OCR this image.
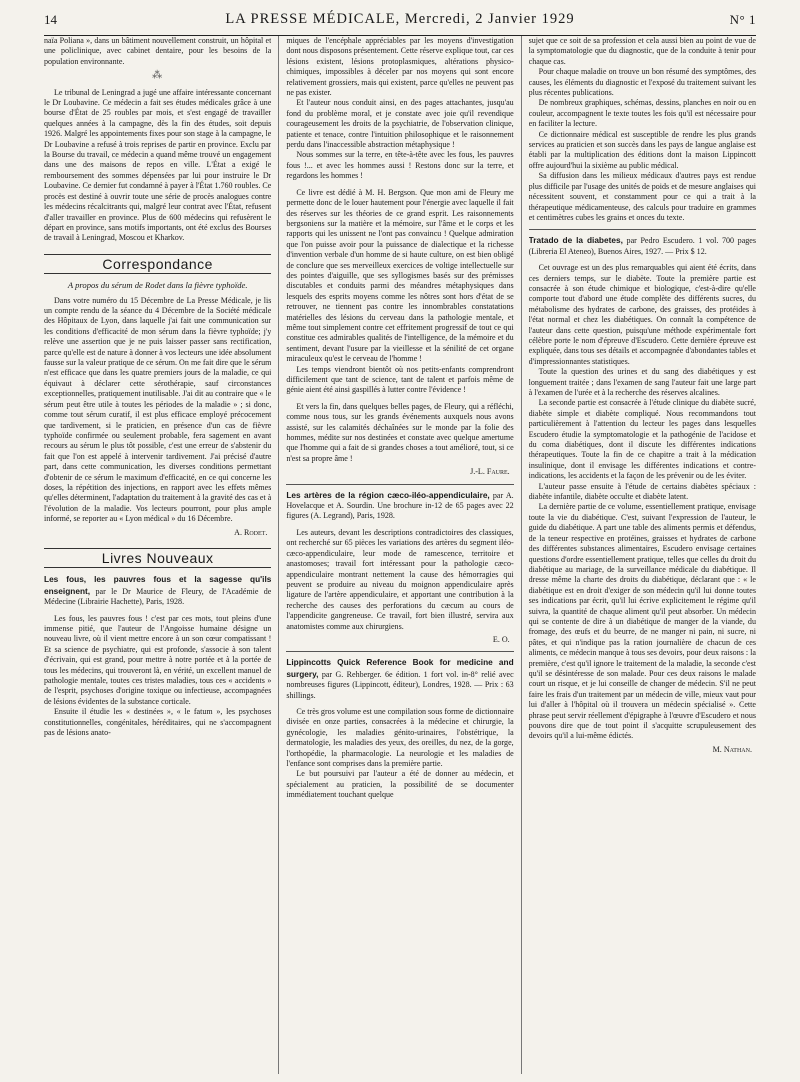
14	LA PRESSE MÉDICALE, Mercredi, 2 Janvier 1929	N° 1

naïa Poliana », dans un bâtiment nouvellement construit, un hôpital et une policlinique, avec cabinet dentaire, pour les besoins de la population environnante.

⁂

Le tribunal de Leningrad a jugé une affaire intéressante concernant le Dr Loubavine. Ce médecin a fait ses études médicales grâce à une bourse d'État de 25 roubles par mois, et s'est engagé de travailler quelques années à la campagne, dès la fin des études, soit depuis 1926. Malgré les appointements fixes pour son stage à la campagne, le Dr Loubavine a refusé à trois reprises de partir en province. Exclu par la Bourse du travail, ce médecin a quand même trouvé un engagement dans une des maisons de repos en ville. L'État a exigé le remboursement des sommes dépensées par lui pour instruire le Dr Loubavine. Ce dernier fut condamné à payer à l'État 1.760 roubles. Ce procès est destiné à ouvrir toute une série de procès analogues contre les médecins récalcitrants qui, malgré leur contrat avec l'État, refusent d'aller travailler en province. Plus de 600 médecins qui refusèrent le départ en province, sans motifs importants, ont été exclus des Bourses de travail à Leningrad, Moscou et Kharkov.

Correspondance
A propos du sérum de Rodet dans la fièvre typhoïde.

Dans votre numéro du 15 Décembre de La Presse Médicale, je lis un compte rendu de la séance du 4 Décembre de la Société médicale des Hôpitaux de Lyon, dans laquelle j'ai fait une communication sur les conditions d'efficacité de mon sérum dans la fièvre typhoïde; j'y relève une assertion que je ne puis laisser passer sans rectification, parce qu'elle est de nature à donner à vos lecteurs une idée absolument fausse sur la valeur pratique de ce sérum. On me fait dire que le sérum n'est efficace que dans les quatre premiers jours de la maladie, ce qui équivaut à déclarer cette sérothérapie, sauf circonstances exceptionnelles, pratiquement inutilisable. J'ai dit au contraire que « le sérum peut être utile à toutes les périodes de la maladie » ; si donc, comme tout sérum curatif, il est plus efficace employé précocement que tardivement, si le praticien, en présence d'un cas de fièvre typhoïde confirmée ou seulement probable, fera sagement en avant recours au sérum le plus tôt possible, c'est une erreur de s'abstenir du fait que l'on est appelé à intervenir tardivement. J'ai précisé d'autre part, dans cette communication, les diverses conditions permettant d'obtenir de ce sérum le maximum d'efficacité, en ce qui concerne les doses, la répétition des injections, en rapport avec les effets mêmes qu'elles déterminent, l'adaptation du traitement à la gravité des cas et à l'évolution de la maladie. Vos lecteurs pourront, pour plus ample informé, se reporter au « Lyon médical » du 16 Décembre.

A. Rodet.
Livres Nouveaux

Les fous, les pauvres fous et la sagesse qu'ils enseignent, par le Dr Maurice de Fleury, de l'Académie de Médecine (Librairie Hachette), Paris, 1928.

Les fous, les pauvres fous ! c'est par ces mots, tout pleins d'une immense pitié, que l'auteur de l'Angoisse humaine désigne un nouveau livre, où il vient mettre encore à un son cœur compatissant ! Et sa science de psychiatre, qui est profonde, s'associe à son talent d'écrivain, qui est grand, pour mettre à notre portée et à la portée de tous les médecins, qui trouveront là, en vérité, un excellent manuel de pathologie mentale, toutes ces tristes maladies, tous ces « accidents » de l'esprit, psychoses d'origine toxique ou infectieuse, accompagnées de lésions évidentes de la substance corticale.

Ensuite il étudie les « destinées », « le fatum », les psychoses constitutionnelles, congénitales, héréditaires, qui ne s'accompagnent pas de lésions anato-

miques de l'encéphale appréciables par les moyens d'investigation dont nous disposons présentement. Cette réserve explique tout, car ces lésions existent, lésions protoplasmiques, altérations physico-chimiques, impossibles à déceler par nos moyens qui sont encore relativement grossiers, mais qui existent, parce qu'elles ne peuvent pas ne pas exister.

Et l'auteur nous conduit ainsi, en des pages attachantes, jusqu'au fond du problème moral, et je constate avec joie qu'il revendique courageusement les droits de la psychiatrie, de l'observation clinique, patiente et tenace, contre l'intuition philosophique et le raisonnement perdu dans l'inaccessible abstraction métaphysique !

Nous sommes sur la terre, en tête-à-tête avec les fous, les pauvres fous !... et avec les hommes aussi ! Restons donc sur la terre, et regardons les hommes !

Ce livre est dédié à M. H. Bergson. Que mon ami de Fleury me permette donc de le louer hautement pour l'énergie avec laquelle il fait des réserves sur les théories de ce grand esprit. Les raisonnements bergsoniens sur la matière et la mémoire, sur l'âme et le corps et les rapports qui les unissent ne l'ont pas convaincu ! Quelque admiration que l'on puisse avoir pour la puissance de dialectique et la richesse d'invention verbale d'un homme de si haute culture, on est bien obligé de conclure que ses merveilleux exercices de voltige intellectuelle sur des pointes d'aiguille, que ses syllogismes basés sur des prémisses discutables et conduits parmi des méandres métaphysiques dans lesquels des esprits moyens comme les nôtres sont hors d'état de se retrouver, ne tiennent pas contre les innombrables constatations matérielles des lésions du cerveau dans la pathologie mentale, et même tout simplement contre cet effritement progressif de tout ce qui constitue ces admirables qualités de l'intelligence, de la mémoire et du sentiment, devant l'usure par la vieillesse et la sénilité de cet organe miraculeux qu'est le cerveau de l'homme !

Les temps viendront bientôt où nos petits-enfants comprendront difficilement que tant de science, tant de talent et parfois même de génie aient été ainsi gaspillés à lutter contre l'évidence !

Et vers la fin, dans quelques belles pages, de Fleury, qui a réfléchi, comme nous tous, sur les grands événements auxquels nous avons assisté, sur les calamités déchaînées sur le monde par la folie des hommes, médite sur nos destinées et constate avec quelque amertume que l'homme qui a fait de si grandes choses a tout amélioré, tout, si ce n'est sa propre âme !

J.-L. Faure.

Les artères de la région cæco-iléo-appendiculaire, par A. Hovelacque et A. Sourdin. Une brochure in-12 de 65 pages avec 22 figures (A. Legrand), Paris, 1928.

Les auteurs, devant les descriptions contradictoires des classiques, ont recherché sur 65 pièces les variations des artères du segment iléo-cæco-appendiculaire, leur mode de ramescence, territoire et anastomoses; travail fort intéressant pour la pathologie cæco-appendiculaire montrant nettement la cause des hémorragies qui peuvent se produire au niveau du moignon appendiculaire après ligature de l'artère appendiculaire, et apportant une contribution à la recherche des causes des perforations du cæcum au cours de l'appendicite gangreneuse. Ce travail, fort bien illustré, servira aux anatomistes comme aux chirurgiens.

E. O.

Lippincotts Quick Reference Book for medicine and surgery, par G. Rehberger. 6e édition. 1 fort vol. in-8° relié avec nombreuses figures (Lippincott, éditeur), Londres, 1928. — Prix : 63 shillings.

Ce très gros volume est une compilation sous forme de dictionnaire divisée en onze parties, consacrées à la médecine et chirurgie, la gynécologie, les maladies génito-urinaires, l'obstétrique, la dermatologie, les maladies des yeux, des oreilles, du nez, de la gorge, l'orthopédie, la pharmacologie. La neurologie et les maladies de l'enfance sont comprises dans la première partie.

Le but poursuivi par l'auteur a été de donner au médecin, et spécialement au praticien, la possibilité de se documenter immédiatement touchant quelque

sujet que ce soit de sa profession et cela aussi bien au point de vue de la symptomatologie que du diagnostic, que de la conduite à tenir pour chaque cas.

Pour chaque maladie on trouve un bon résumé des symptômes, des causes, les éléments du diagnostic et l'exposé du traitement suivant les plus récentes publications.

De nombreux graphiques, schémas, dessins, planches en noir ou en couleur, accompagnent le texte toutes les fois qu'il est nécessaire pour en faciliter la lecture.

Ce dictionnaire médical est susceptible de rendre les plus grands services au praticien et son succès dans les pays de langue anglaise est établi par la multiplication des éditions dont la maison Lippincott offre aujourd'hui la sixième au public médical.

Sa diffusion dans les milieux médicaux d'autres pays est rendue plus difficile par l'usage des unités de poids et de mesure anglaises qui nécessitent souvent, et constamment pour ce qui a trait à la thérapeutique médicamenteuse, des calculs pour traduire en grammes et centimètres cubes les grains et onces du texte.

Tratado de la diabetes, par Pedro Escudero. 1 vol. 700 pages (Libreria El Ateneo), Buenos Aires, 1927. — Prix $ 12.

Cet ouvrage est un des plus remarquables qui aient été écrits, dans ces derniers temps, sur le diabète. Toute la première partie est consacrée à son étude chimique et biologique, c'est-à-dire qu'elle comporte tout d'abord une étude complète des différents sucres, du métabolisme des hydrates de carbone, des graisses, des protéides à l'état normal et chez les diabétiques. On connaît la compétence de l'auteur dans cette question, puisqu'une méthode expérimentale fort célèbre porte le nom d'épreuve d'Escudero. Cette dernière épreuve est expliquée, dans tous ses détails et accompagnée d'abondantes tables et d'impressionnantes statistiques.

Toute la question des urines et du sang des diabétiques y est longuement traitée ; dans l'examen de sang l'auteur fait une large part à l'examen de l'urée et à la recherche des réserves alcalines.

La seconde partie est consacrée à l'étude clinique du diabète sucré, diabète simple et diabète compliqué. Nous recommandons tout particulièrement à l'attention du lecteur les pages dans lesquelles Escudero étudie la symptomatologie et la pathogénie de l'acidose et du coma diabétiques, dont il discute les différentes indications thérapeutiques. Toute la fin de ce chapitre a trait à la médication insulinique, dont il envisage les différentes indications et contre-indications, les accidents et la façon de les prévenir ou de les éviter.

L'auteur passe ensuite à l'étude de certains diabètes spéciaux : diabète infantile, diabète occulte et diabète latent.

La dernière partie de ce volume, essentiellement pratique, envisage toute la vie du diabétique. C'est, suivant l'expression de l'auteur, le guide du diabétique. A part une table des aliments permis et défendus, de la teneur respective en protéines, graisses et hydrates de carbone des différentes substances alimentaires, Escudero envisage certaines questions d'ordre essentiellement pratique, telles que celles du droit du diabétique au mariage, de la surveillance médicale du diabétique. Il dresse même la charte des droits du diabétique, déclarant que : « le diabétique est en droit d'exiger de son médecin qu'il lui donne toutes ses indications par écrit, qu'il lui écrive explicitement le régime qu'il suivra, la quantité de chaque aliment qu'il peut absorber. Un médecin qui se contente de dire à un diabétique de manger de la viande, du fromage, des œufs et du beurre, de ne manger ni pain, ni sucre, ni pâtes, et qui n'indique pas la ration journalière de chacun de ces aliments, ce médecin manque à tous ses devoirs, pour deux raisons : la première, c'est qu'il ignore le traitement de la maladie, la seconde c'est qu'il se désintéresse de son malade. Pour ces deux raisons le malade court un risque, et je lui conseille de changer de médecin. S'il ne peut faire les frais d'un traitement par un médecin de ville, mieux vaut pour lui d'aller à l'hôpital où il trouvera un médecin spécialisé ». Cette phrase peut servir réellement d'épigraphe à l'œuvre d'Escudero et nous pouvons dire que de tout point il s'acquitte scrupuleusement des devoirs qu'il a lui-même édictés.

M. Nathan.
